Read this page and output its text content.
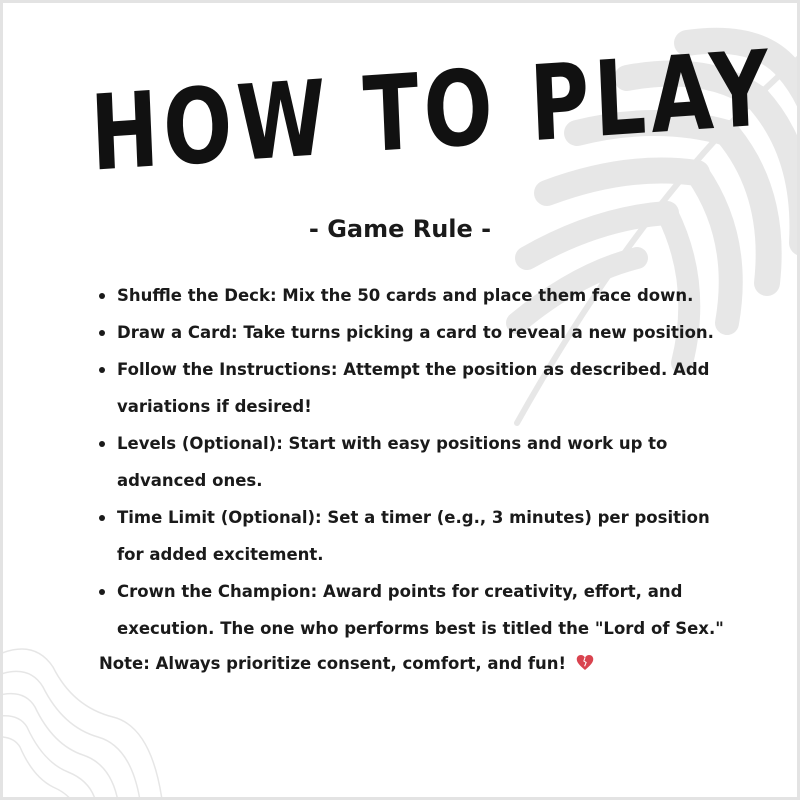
HOW TO PLAY
- Game Rule -
Shuffle the Deck: Mix the 50 cards and place them face down.
Draw a Card: Take turns picking a card to reveal a new position.
Follow the Instructions: Attempt the position as described. Add variations if desired!
Levels (Optional): Start with easy positions and work up to advanced ones.
Time Limit (Optional): Set a timer (e.g., 3 minutes) per position for added excitement.
Crown the Champion: Award points for creativity, effort, and execution. The one who performs best is titled the "Lord of Sex."
Note: Always prioritize consent, comfort, and fun!
